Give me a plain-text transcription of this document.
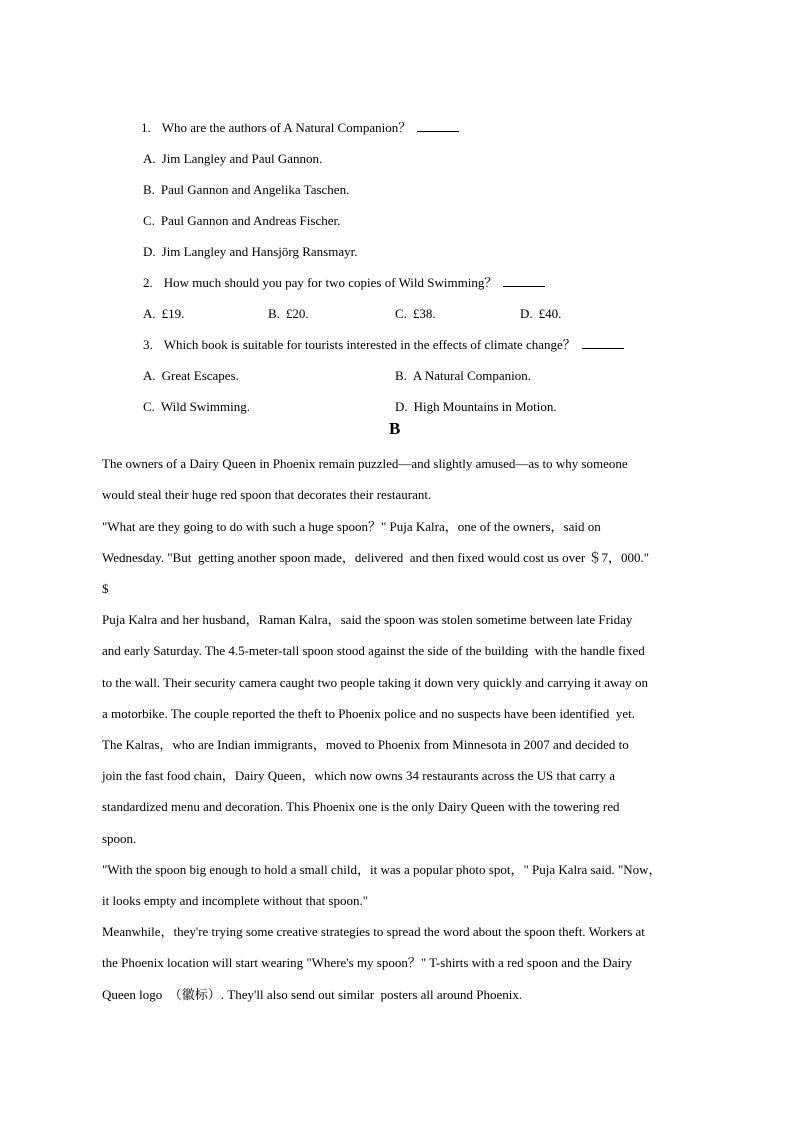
1. Who are the authors of A Natural Companion？

A. Jim Langley and Paul Gannon.

B. Paul Gannon and Angelika Taschen.

C. Paul Gannon and Andreas Fischer.

D. Jim Langley and Hansjörg Ransmayr.

2. How much should you pay for two copies of Wild Swimming？

A. £19.
	B. £20.
	C. £38.
	D. £40.

3. Which book is suitable for tourists interested in the effects of climate change？

A. Great Escapes.
	B. A Natural Companion.

C. Wild Swimming.
	D. High Mountains in Motion.

B
The owners of a Dairy Queen in Phoenix remain puzzled—and slightly amused—as to why someone
would steal their huge red spoon that decorates their restaurant.
"What are they going to do with such a huge spoon？" Puja Kalra，one of the owners，said on
Wednesday. "But  getting another spoon made，delivered  and then fixed would cost us over ＄7，000."
$
Puja Kalra and her husband，Raman Kalra，said the spoon was stolen sometime between late Friday
and early Saturday. The 4.5-meter-tall spoon stood against the side of the building  with the handle fixed
to the wall. Their security camera caught two people taking it down very quickly and carrying it away on
a motorbike. The couple reported the theft to Phoenix police and no suspects have been identified  yet.
The Kalras，who are Indian immigrants，moved to Phoenix from Minnesota in 2007 and decided to
join the fast food chain，Dairy Queen，which now owns 34 restaurants across the US that carry a
standardized menu and decoration. This Phoenix one is the only Dairy Queen with the towering red
spoon.
"With the spoon big enough to hold a small child，it was a popular photo spot，" Puja Kalra said. "Now，
it looks empty and incomplete without that spoon."
Meanwhile，they're trying some creative strategies to spread the word about the spoon theft. Workers at
the Phoenix location will start wearing "Where's my spoon？" T-shirts with a red spoon and the Dairy
Queen logo  （徽标）. They'll also send out similar  posters all around Phoenix.
